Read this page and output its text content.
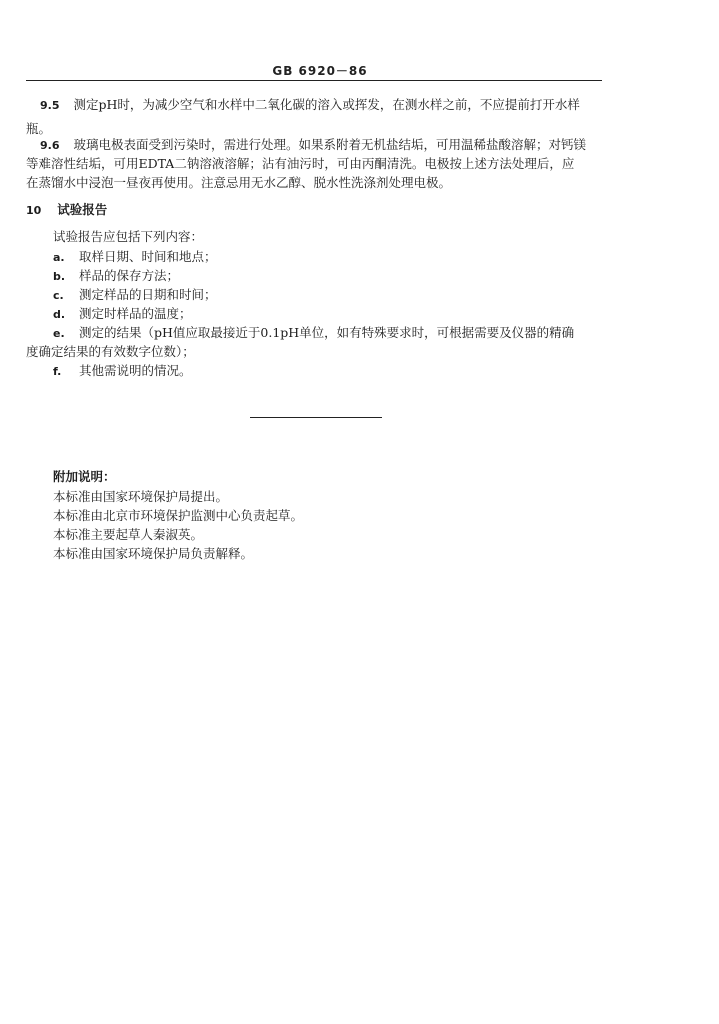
GB 6920－86
9.5 测定pH时，为减少空气和水样中二氧化碳的溶入或挥发，在测水样之前，不应提前打开水样
瓶。
9.6 玻璃电极表面受到污染时，需进行处理。如果系附着无机盐结垢，可用温稀盐酸溶解；对钙镁
等难溶性结垢，可用EDTA二钠溶液溶解；沾有油污时，可由丙酮清洗。电极按上述方法处理后，应
在蒸馏水中浸泡一昼夜再使用。注意忌用无水乙醇、脱水性洗涤剂处理电极。
10 试验报告
试验报告应包括下列内容：
a. 取样日期、时间和地点；
b. 样品的保存方法；
c. 测定样品的日期和时间；
d. 测定时样品的温度；
e. 测定的结果（pH值应取最接近于0.1pH单位，如有特殊要求时，可根据需要及仪器的精确
度确定结果的有效数字位数）；
f. 其他需说明的情况。
附加说明：
本标准由国家环境保护局提出。
本标准由北京市环境保护监测中心负责起草。
本标准主要起草人秦淑英。
本标准由国家环境保护局负责解释。
